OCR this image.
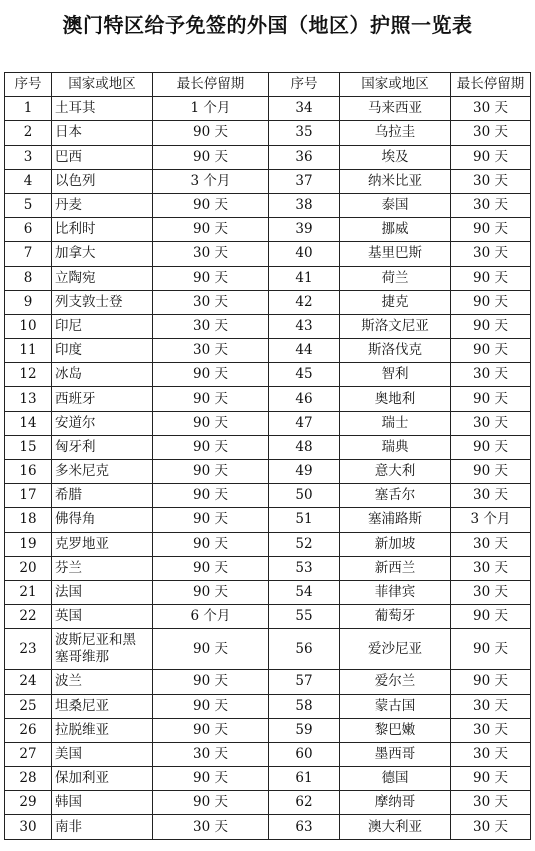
澳门特区给予免签的外国（地区）护照一览表
序号	国家或地区	最长停留期	序号	国家或地区	最长停留期
1	土耳其	1 个月	34	马来西亚	30 天
2	日本	90 天	35	乌拉圭	30 天
3	巴西	90 天	36	埃及	90 天
4	以色列	3 个月	37	纳米比亚	30 天
5	丹麦	90 天	38	泰国	30 天
6	比利时	90 天	39	挪威	90 天
7	加拿大	30 天	40	基里巴斯	30 天
8	立陶宛	90 天	41	荷兰	90 天
9	列支敦士登	30 天	42	捷克	90 天
10	印尼	30 天	43	斯洛文尼亚	90 天
11	印度	30 天	44	斯洛伐克	90 天
12	冰岛	90 天	45	智利	30 天
13	西班牙	90 天	46	奥地利	90 天
14	安道尔	90 天	47	瑞士	30 天
15	匈牙利	90 天	48	瑞典	90 天
16	多米尼克	90 天	49	意大利	90 天
17	希腊	90 天	50	塞舌尔	30 天
18	佛得角	90 天	51	塞浦路斯	3 个月
19	克罗地亚	90 天	52	新加坡	30 天
20	芬兰	90 天	53	新西兰	30 天
21	法国	90 天	54	菲律宾	30 天
22	英国	6 个月	55	葡萄牙	90 天
23	波斯尼亚和黑塞哥维那	90 天	56	爱沙尼亚	90 天
24	波兰	90 天	57	爱尔兰	90 天
25	坦桑尼亚	90 天	58	蒙古国	30 天
26	拉脱维亚	90 天	59	黎巴嫩	30 天
27	美国	30 天	60	墨西哥	30 天
28	保加利亚	90 天	61	德国	90 天
29	韩国	90 天	62	摩纳哥	30 天
30	南非	30 天	63	澳大利亚	30 天
